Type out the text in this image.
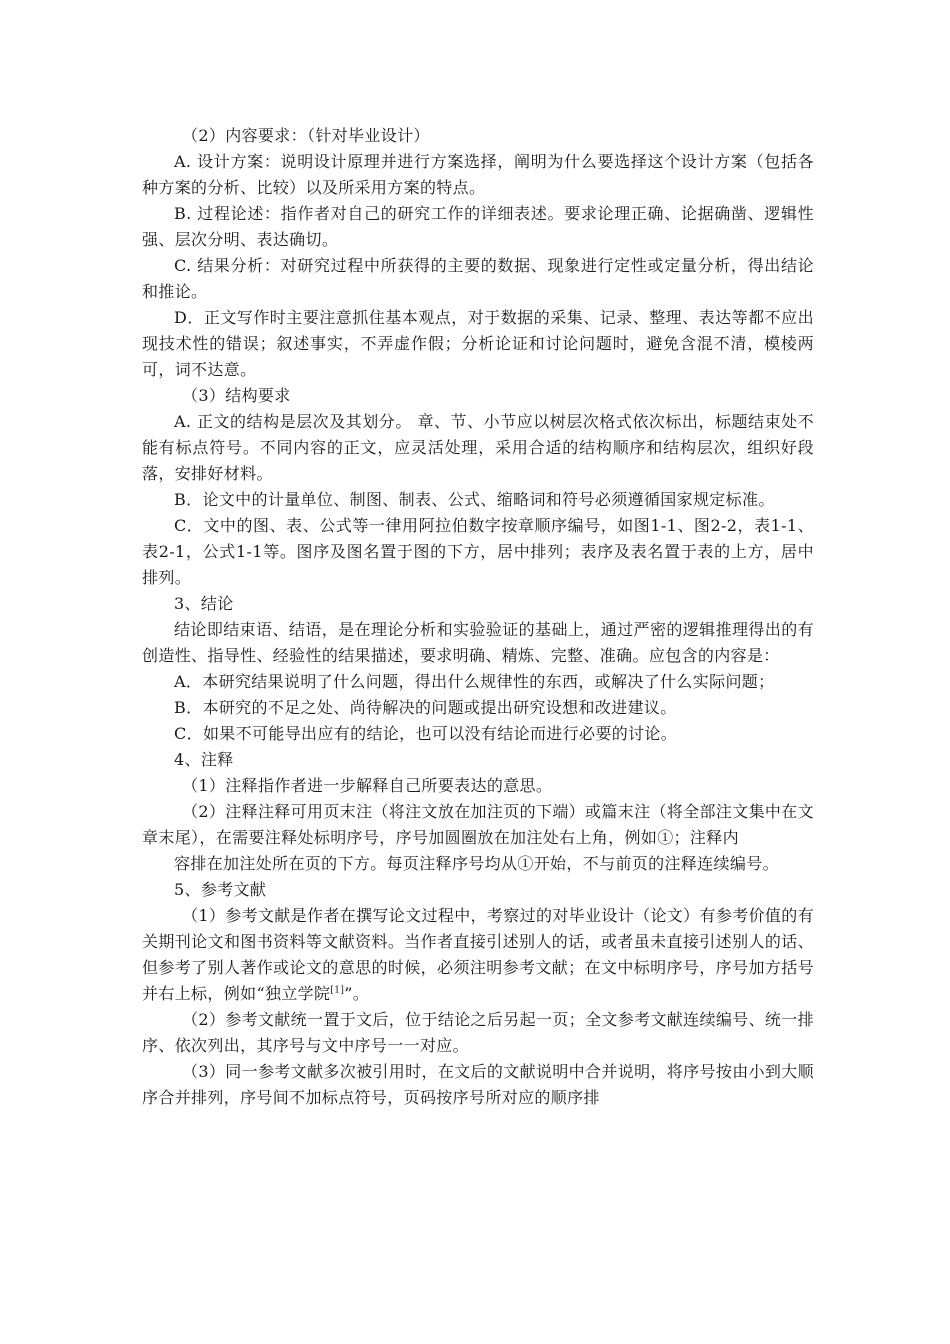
（2）内容要求：（针对毕业设计）

A. 设计方案：说明设计原理并进行方案选择，阐明为什么要选择这个设计方案（包括各种方案的分析、比较）以及所采用方案的特点。

B. 过程论述：指作者对自己的研究工作的详细表述。要求论理正确、论据确凿、逻辑性强、层次分明、表达确切。

C. 结果分析：对研究过程中所获得的主要的数据、现象进行定性或定量分析，得出结论和推论。

D．正文写作时主要注意抓住基本观点，对于数据的采集、记录、整理、表达等都不应出现技术性的错误；叙述事实，不弄虚作假；分析论证和讨论问题时，避免含混不清，模棱两可，词不达意。

（3）结构要求

A. 正文的结构是层次及其划分。 章、节、小节应以树层次格式依次标出，标题结束处不能有标点符号。不同内容的正文，应灵活处理，采用合适的结构顺序和结构层次，组织好段落，安排好材料。

B．论文中的计量单位、制图、制表、公式、缩略词和符号必须遵循国家规定标准。

C．文中的图、表、公式等一律用阿拉伯数字按章顺序编号，如图1-1、图2-2，表1-1、表2-1，公式1-1等。图序及图名置于图的下方，居中排列；表序及表名置于表的上方，居中排列。

3、结论

结论即结束语、结语，是在理论分析和实验验证的基础上，通过严密的逻辑推理得出的有创造性、指导性、经验性的结果描述，要求明确、精炼、完整、准确。应包含的内容是：

A．本研究结果说明了什么问题，得出什么规律性的东西，或解决了什么实际问题；

B．本研究的不足之处、尚待解决的问题或提出研究设想和改进建议。

C．如果不可能导出应有的结论，也可以没有结论而进行必要的讨论。

4、注释

（1）注释指作者进一步解释自己所要表达的意思。

（2）注释注释可用页末注（将注文放在加注页的下端）或篇末注（将全部注文集中在文章末尾），在需要注释处标明序号，序号加圆圈放在加注处右上角，例如①；注释内

容排在加注处所在页的下方。每页注释序号均从①开始，不与前页的注释连续编号。

5、参考文献

（1）参考文献是作者在撰写论文过程中，考察过的对毕业设计（论文）有参考价值的有关期刊论文和图书资料等文献资料。当作者直接引述别人的话，或者虽未直接引述别人的话、但参考了别人著作或论文的意思的时候，必须注明参考文献；在文中标明序号，序号加方括号并右上标，例如“独立学院[1]”。

（2）参考文献统一置于文后，位于结论之后另起一页；全文参考文献连续编号、统一排序、依次列出，其序号与文中序号一一对应。

（3）同一参考文献多次被引用时，在文后的文献说明中合并说明，将序号按由小到大顺序合并排列，序号间不加标点符号，页码按序号所对应的顺序排
